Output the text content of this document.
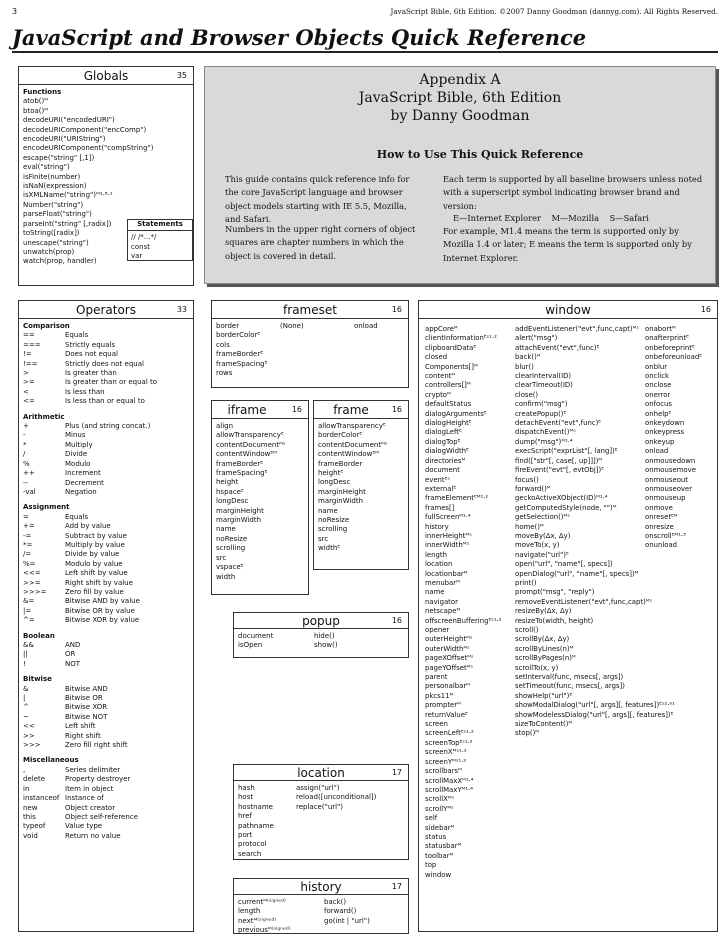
3	JavaScript Bible, 6th Edition. ©2007 Danny Goodman (dannyg.com). All Rights Reserved.
JavaScript and Browser Objects Quick Reference
Globals	35
Functions
atob()ᴹ
btoa()ᴹ
decodeURI("encodedURI")
decodeURIComponent("encComp")
encodeURI("URIString")
encodeURIComponent("compString")
escape("string" [,1])
eval("string")
isFinite(number)
isNaN(expression)
isXMLName("string")ᴹ¹·⁸·¹
Number("string")
parseFloat("string")
parseInt("string" [,radix])
toString([radix])
unescape("string")
unwatch(prop)
watch(prop, handler)
Statements
// /*...*/
const
var
Appendix A
JavaScript Bible, 6th Edition
by Danny Goodman
How to Use This Quick Reference
This guide contains quick reference info for the core JavaScript language and browser object models starting with IE 5.5, Mozilla, and Safari.
Numbers in the upper right corners of object squares are chapter numbers in which the object is covered in detail.
Each term is supported by all baseline browsers unless noted with a superscript symbol indicating browser brand and version:
E—Internet Explorer    M—Mozilla    S—Safari
For example, M1.4 means the term is supported only by Mozilla 1.4 or later; E means the term is supported only by Internet Explorer.
Operators	33
Comparison
==	Equals
===	Strictly equals
!=	Does not equal
!==	Strictly does not equal
>	Is greater than
>=	Is greater than or equal to
<	Is less than
<=	Is less than or equal to
Arithmetic
+	Plus (and string concat.)
-	Minus
*	Multiply
/	Divide
%	Modulo
++	Increment
--	Decrement
-val	Negation
Assignment
=	Equals
+=	Add by value
-=	Subtract by value
*=	Multiply by value
/=	Divide by value
%=	Modulo by value
<<=	Left shift by value
>>=	Right shift by value
>>>=	Zero fill by value
&=	Bitwise AND by value
|=	Bitwise OR by value
^=	Bitwise XOR by value
Boolean
&&	AND
||	OR
!	NOT
Bitwise
&	Bitwise AND
|	Bitwise OR
^	Bitwise XOR
~	Bitwise NOT
<<	Left shift
>>	Right shift
>>>	Zero fill right shift
Miscellaneous
,	Series delimiter
delete	Property destroyer
in	Item in object
instanceof Instance of
new	Object creator
this	Object self-reference
typeof	Value type
void	Return no value
frameset	16
border
borderColorᴱ
cols
frameBorderᴱ
frameSpacingᴱ
rows
(None)	onload
iframe	16
align
allowTransparencyᴱ
contentDocumentᴹˢ
contentWindowᴱᴹ
frameBorderᴱ
frameSpacingᴱ
height
hspaceᴱ
longDesc
marginHeight
marginWidth
name
noResize
scrolling
src
vspaceᴱ
width
frame	16
allowTransparencyᴱ
borderColorᴱ
contentDocumentᴹˢ
contentWindowᴱᴹ
frameBorder
heightᴱ
longDesc
marginHeight
marginWidth
name
noResize
scrolling
src
widthᴱ
popup	16
document
isOpen
hide()
show()
location	17
hash
host
hostname
href
pathname
port
protocol
search
assign("url")
reload([unconditional])
replace("url")
history	17
currentᴹ⁽ˢⁱᵍⁿᵉᵈ⁾
length
nextᴹ⁽ˢⁱᵍⁿᵉᵈ⁾
previousᴹ⁽ˢⁱᵍⁿᵉᵈ⁾
back()
forward()
go(int | "url")
window	16
appCoreᴹ
clientInformationᴱˢ¹·²
clipboardDataᴱ
closed
Components[]ᴹ
contentᴹ
controllers[]ᴹ
cryptoᴹ
defaultStatus
dialogArgumentsᴱ
dialogHeightᴱ
dialogLeftᴱ
dialogTopᴱ
dialogWidthᴱ
directoriesᴹ
document
eventᴱˢ
externalᴱ
frameElementᴱᴹ¹·²
frames[]
fullScreenᴹ¹·⁴
history
innerHeightᴹˢ
innerWidthᴹˢ
length
location
locationbarᴹ
menubarᴹ
name
navigator
netscapeᴹ
offscreenBufferingᴱˢ¹·²
opener
outerHeightᴹˢ
outerWidthᴹˢ
pageXOffsetᴹˢ
pageYOffsetᴹˢ
parent
personalbarᴹ
pkcs11ᴹ
prompterᴹ
returnValueᴱ
screen
screenLeftᴱˢ¹·²
screenTopᴱˢ¹·²
screenXᴹˢ¹·²
screenYᴹˢ¹·²
scrollbarsᴹ
scrollMaxXᴹ¹·⁴
scrollMaxYᴹ¹·⁴
scrollXᴹˢ
scrollYᴹˢ
self
sidebarᴹ
status
statusbarᴹ
toolbarᴹ
top
window
addEventListener("evt",func,capt)ᴹˢ
alert("msg")
attachEvent("evt",func)ᴱ
back()ᴹ
blur()
clearInterval(ID)
clearTimeout(ID)
close()
confirm("msg")
createPopup()ᴱ
detachEvent("evt",func)ᴱ
dispatchEvent()ᴹˢ
dump("msg")ᴹ¹·⁴
execScript("exprList"[, lang])ᴱ
find(["str"[, case[, up]]])ᴹ
fireEvent("evt"[, evtObj])ᴱ
focus()
forward()ᴹ
geckoActiveXObject(ID)ᴹ¹·⁴
getComputedStyle(node, "")ᴹ
getSelection()ᴹˢ
home()ᴹ
moveBy(Δx, Δy)
moveTo(x, y)
navigate("url")ᴱ
open("url", "name"[, specs])
openDialog("url", "name"[, specs])ᴹ
print()
prompt("msg", "reply")
removeEventListener("evt",func,capt)ᴹˢ
resizeBy(Δx, Δy)
resizeTo(width, height)
scroll()
scrollBy(Δx, Δy)
scrollByLines(n)ᴹ
scrollByPages(n)ᴹ
scrollTo(x, y)
setInterval(func, msecs[, args])
setTimeout(func, msecs[, args])
showHelp("url")ᴱ
showModalDialog("url"[, args][, features])ᴱˢ²·⁰¹
showModelessDialog("url"[, args][, features])ᴱ
sizeToContent()ᴹ
stop()ᴹ
onabortᴹ
onafterprintᴱ
onbeforeprintᴱ
onbeforeunloadᴱ
onblur
onclick
onclose
onerror
onfocus
onhelpᴱ
onkeydown
onkeypress
onkeyup
onload
onmousedown
onmousemove
onmouseout
onmouseover
onmouseup
onmove
onresetᴱᴹ
onresize
onscrollᴱᴹ¹·³
onunload
